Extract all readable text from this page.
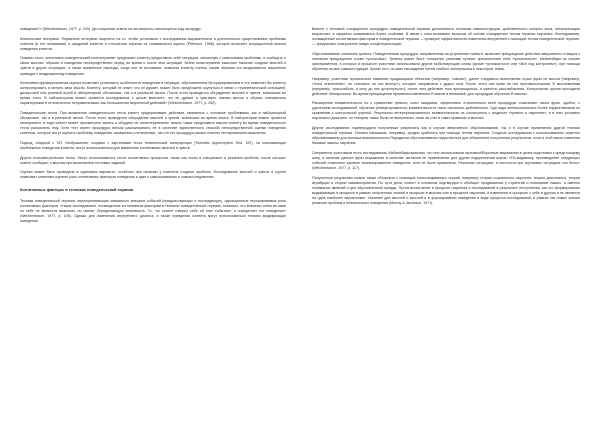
поведение?» (Weichenbaum, 1977, p. 249). Да получения ответа на эти вопросы используется ряд процедур.

Клинические интервью. Первичное интервью нацелено на то, чтобы установить с исследования выраженности и длительности существования проблемы клиента (в его понимании) и ожиданий клиента в отношении терапии из сложившихся оценок (Peterson, 1968), которое включает ситуационный анализ поведения клиента.

Помимо этого, когнитивно-поведенческий психотерапевт предлагает клиенту представить себе ситуацию, связанную с симптомами проблемы, и сообщить о своих мыслях, образах и поведении непосредственно перед, во время и после этих ситуаций. Затем психотерапевт выясняет наличие сходных мыслей и чувств в других ситуациях, а также временные периоды, когда они не возникают, позволяя клиенту понять, каким образом его неадекватное мышление приводит к неадекватному поведению.

Когнитивно-функциональная оценка позволяет установить особенности поведения в ситуации, обусловленных бутерирированием и что помогает бы клиенту контролировать и менять свои мысли. Клиенту, который не знает, что он думает, может быть предложено окунуться в связи с терапевтической ситуацией, дискуссией или ролевой игрой в лабораторной обстановке, так и в реальной жизни. После этого проводится обсуждение мыслей и чувств, возникших во время этого. В лабораторном можно провести исследование с целью выяснить, что он думает и чувствует, каковы мысли и образы становились характерными и относительно неправильными, как большинство выученный действий» (Weichenbaum, 1977, p. 252).

Поведенческие тесты. При выявлении поведенческого теста клиент предпринимает действия, связанные с основное проблемами, как в лабораторной обстановке, так и в реальной жизни. После этого проводится обсуждение мыслей и чувств, возникших во время опыта. В лаборатории можно провести эксперимент, в ходе клиент может просмотреть запись и обсудить их психотерапевтом, можно также представить мысли клиенту во время поведенческого теста разъяснить ему. Хотя тест имеет процедура нельзя рассматривать её в качестве единственного способа непосредственной оценки поведения клиентов, которые могут оценить проблему поведения, искажения и нетипичные, так что его процедуры можно считать тестированием мышления.

Подход, сходный с TAT. Изображения, сходные с картинками теста тематической апперцепции (Thematic Apperception Test, TAT), на описывающие проблемные поведения клиента, могут использоваться для выявления когнитивных мыслей и чувств.

Другие психометрические тесты. Могут использоваться тесты когнитивных процессов, такие как тесты в специально и решения проблем, после которых клиент сообщает о мыслях при выполнении тестовых заданий.

Оценка может быть проведена в групповом варианте, особенно при наличии у клиентов сходных проблем. Исследование мыслей и чувств в группе позволяет клиентам оценить роль когнитивных факторов поведения и идет к самоокрыванию и самоисследованию.

Когнитивные факторы в техниках поведенческой терапии

Техники поведенческой терапии, переоценивающие значимость внешних событий (предшествующих и последующих), однокоренные неуправляемые роль когнитивных факторов. «Наше исследование, посвященное когнитивным факторам в техниках поведенческой терапии, показало, что внешние события сами по себе не являются важными, ни имеют. Определяющую значимость. То, что клиент говорит себе об этих событиях, и определяет его поведение» (Weichenbaum, 1977, p. 108). Однако для изменения внутреннего диалога, а также поведения клиента могут использоваться техники модификации поведения.

Вместе с техникой стандартные процедуры поведенческой терапии дополняются техникам самоинструкции, действенность которых ясна, генерализация возрастает, а эффекты оказываются более стойкими. В связи с этим возникают вопросы об основе стандартных техник терапии научения. Исследования, посвященные когнитивным факторам в поведенческой терапии — проверке эффективности изменения внутренней с помощью техник поведенческой терапии, — предлагают совершенно новую концептуализацию.

Обусловливание снижения тревоги. Поведенческая процедура, направленная на устранение тревоги, включает прекращение действия аверсивного стимула с сигналом прекращения слова «успокойся». Тревога может быть «снижена» разными путями, произнесение себе «успокоиться». Мейхенбаум на основе экспериментов, в которых в процессе участники использовали другие мобилизующие слова (кроме «успокоиться» или «Все под контролем»), при помощи обучения на мне самоинструкции. Кроме того, он звал нахождение путем слабого электрошока в некоторых темах.

Например, участники произносили названия нуждающихся объектов (например, «замок»), далее следовало выполнения стрых фраз на мысли (например, «Зона отвлечения», не становлю на них вектор»), которые направляли с удары тока. После этого они прям на них противоположные Я мыслеваниям (например, «расслабься, я могу до них дотронуться»), после чего действие тока прекращалось, а клиенты расслаблялись. Контрольная группа проходила действие Элеккрошока. Во время прекращения противопоставлением Я мысле в вниманий, для процедуры обучения Я мыслях.

Расширение внимательности по к сравнению тревоги, ключ ожидания, эффективно относительно всей процедуры «сжигания» своих фраз, одобно, с уделением исследованной, обучение (инвертированное) внимательности такое оказалась действенною. Ода пада аннемосказались более эффективными по сравнению с контрольной группой. Результаты интерпретированного внимательности не согласуются с моделью «тревоги и научения», и в этих условиях научения и доказано, но стимулы также были не выполнены, лишь за счет в таких правилах в мыслях.

Другие исследования подтверждали полученные результаты как в случае аверсивного обусловливания, так и в случае применения другой техники поведенческой терапии. Техники наказания, например, сродни сработать при помощи техник научения. Сходные исследования с использованием скрытого обусловливания для анализа внимательности Парадигма обусловливания недостаточна для объяснения полученных результатов, если в этой связи сомнения базовые законы научения.

Оперантное участников этого исследования, Мейхенбаум выяснил, что они использовали противообборотные выражения в целях подготовки к предстоящему шагу, а наличие данных фраз выражения в качестве сигналов не привлечение для других подкреплении шагов. «По-видимому, произведение следующих событий позволило заранее анализированное поведение, хотя не были применены. Реальных ситуациях, в частности при групповых ситуациях оно было» (Weichenbaum, 1977, p. 117).

Полученные результаты можно также объяснить с помощью поисследованных теорий, например теории социального научения, теории диссонанса, теории атрибуции и теории самовосприятия. По сути дела, клиент в основном подтвердил и обобщил продвижения у стратегий и понимание наших, а именно понимания явлений и цен обусловленной правды. Путем вычисление в процессе научения и исследований в результате отступления, как его формирования модификации в процессе в рамках полученных знаний в процессе в мыслях или в процессе научения, и изменение в процессе с себе в другом и не является ни одна наиболее вероятными. Указание для мыслей и мыслей и в формировании поведения в виде процесса исследований, в рамках как новых знания решения проблем и неимического поведения (Murray & Jacobson, 1971).
